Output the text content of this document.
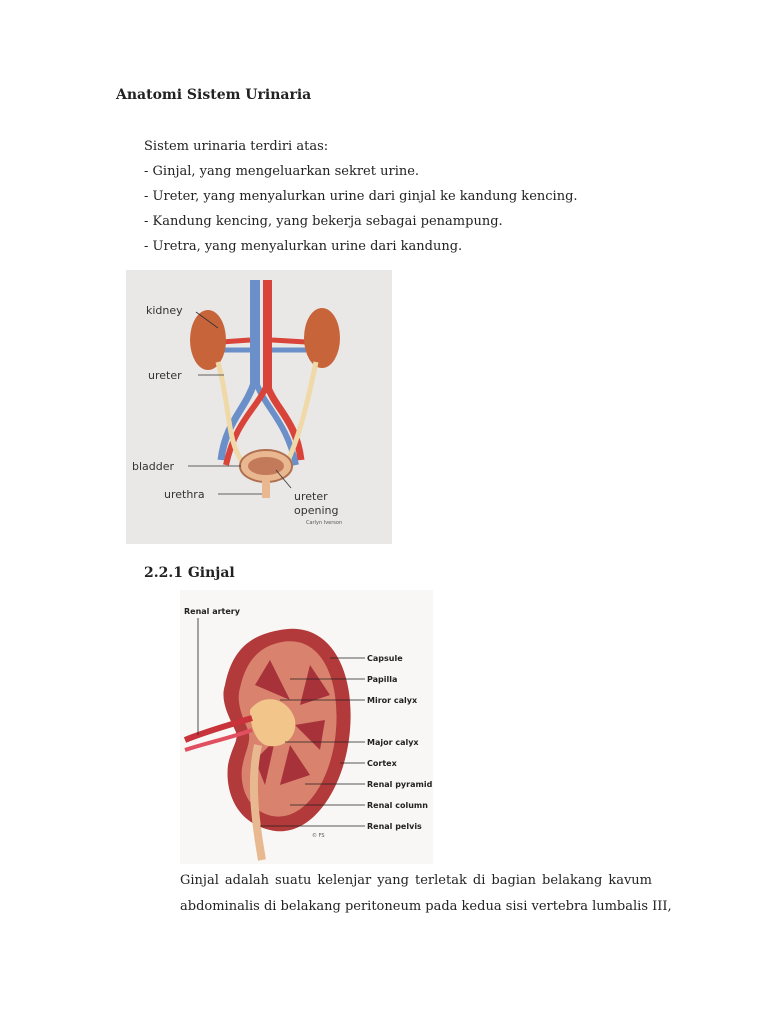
Anatomi Sistem Urinaria
Sistem urinaria terdiri atas:
- Ginjal, yang mengeluarkan sekret urine.
- Ureter, yang menyalurkan urine dari ginjal ke kandung kencing.
- Kandung kencing, yang bekerja sebagai penampung.
- Uretra, yang menyalurkan urine dari kandung.
kidney
ureter
bladder
urethra	ureter
opening
Carlyn Iverson
2.2.1 Ginjal
Renal artery
Capsule
Papilla
Miror calyx
Major calyx
Cortex
Renal pyramid
Renal column
Renal pelvis
© FS
Ginjal adalah suatu kelenjar yang terletak di bagian belakang kavum
abdominalis di belakang peritoneum pada kedua sisi vertebra lumbalis III,
